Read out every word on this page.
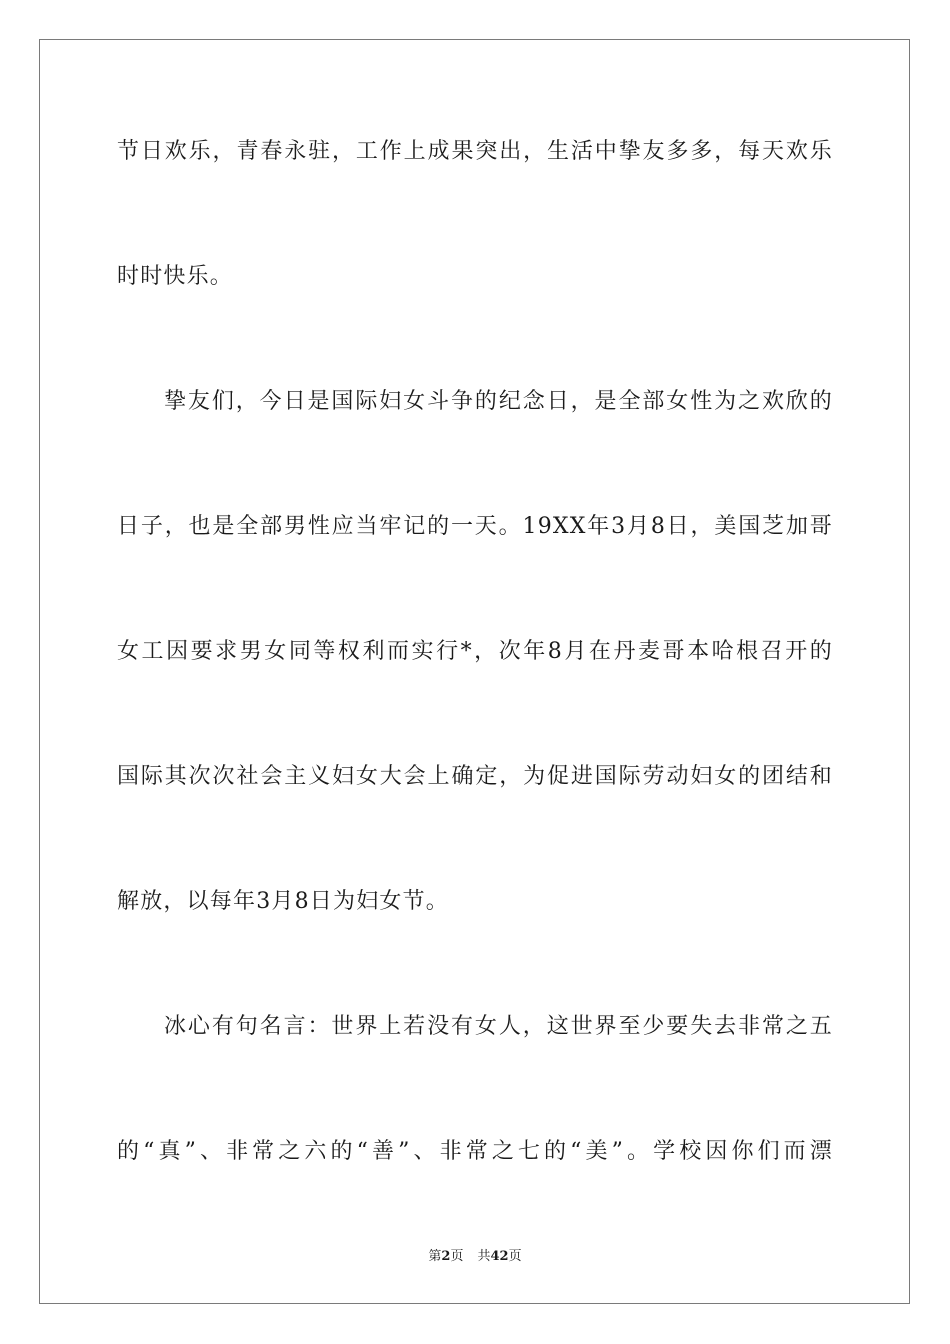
节日欢乐，青春永驻，工作上成果突出，生活中挚友多多，每天欢乐
时时快乐。
挚友们，今日是国际妇女斗争的纪念日，是全部女性为之欢欣的
日子，也是全部男性应当牢记的一天。19XX年3月8日，美国芝加哥
女工因要求男女同等权利而实行*，次年8月在丹麦哥本哈根召开的
国际其次次社会主义妇女大会上确定，为促进国际劳动妇女的团结和
解放，以每年3月8日为妇女节。
冰心有句名言：世界上若没有女人，这世界至少要失去非常之五
的“真”、非常之六的“善”、非常之七的“美”。学校因你们而漂
第2页 共42页
